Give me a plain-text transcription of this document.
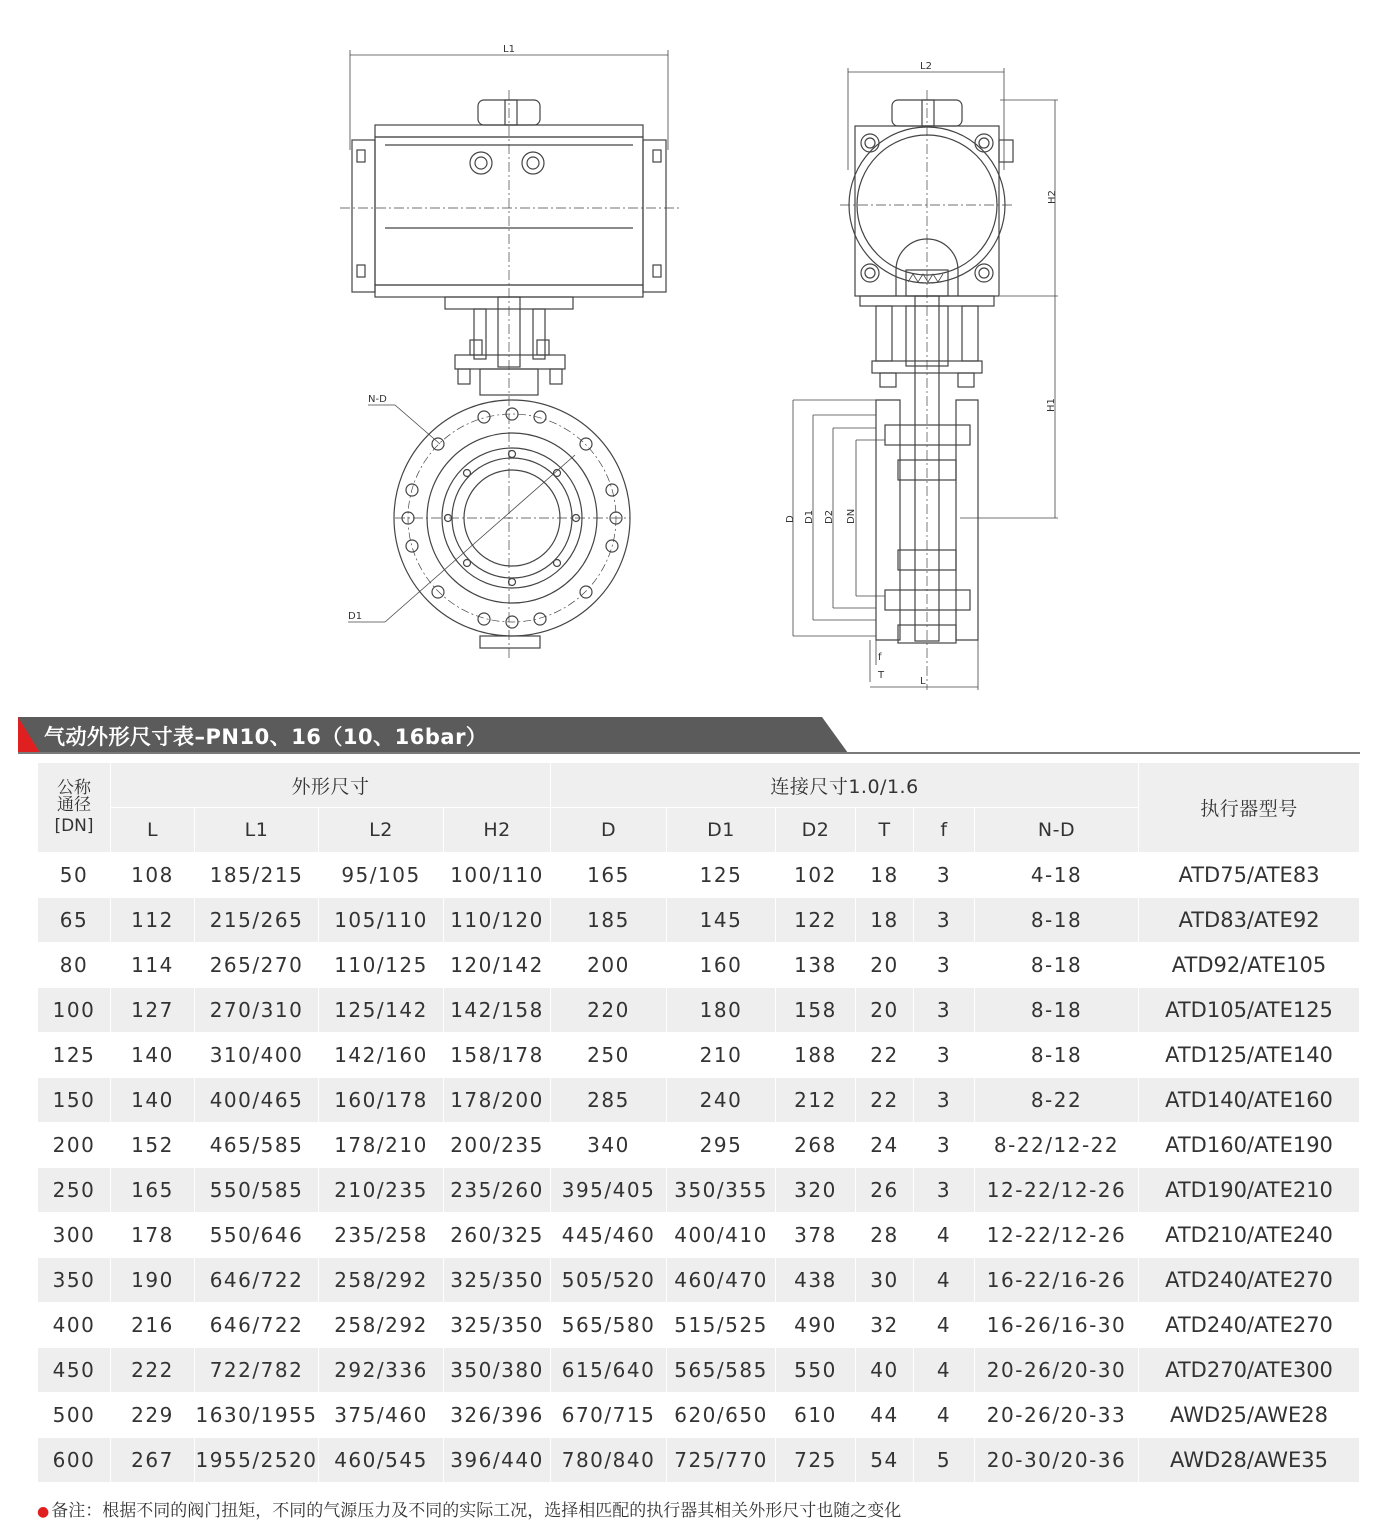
L1
N-D
D1
L2
H2
H1
D D1 D2 DN
f
T
L
气动外形尺寸表–PN10、16（10、16bar）
公称
通径
[DN]	外形尺寸				连接尺寸1.0/1.6						执行器型号
	L	L1	L2	H2	D	D1	D2	T	f	N-D	
50	108	185/215	95/105	100/110	165	125	102	18	3	4-18	ATD75/ATE83
65	112	215/265	105/110	110/120	185	145	122	18	3	8-18	ATD83/ATE92
80	114	265/270	110/125	120/142	200	160	138	20	3	8-18	ATD92/ATE105
100	127	270/310	125/142	142/158	220	180	158	20	3	8-18	ATD105/ATE125
125	140	310/400	142/160	158/178	250	210	188	22	3	8-18	ATD125/ATE140
150	140	400/465	160/178	178/200	285	240	212	22	3	8-22	ATD140/ATE160
200	152	465/585	178/210	200/235	340	295	268	24	3	8-22/12-22	ATD160/ATE190
250	165	550/585	210/235	235/260	395/405	350/355	320	26	3	12-22/12-26	ATD190/ATE210
300	178	550/646	235/258	260/325	445/460	400/410	378	28	4	12-22/12-26	ATD210/ATE240
350	190	646/722	258/292	325/350	505/520	460/470	438	30	4	16-22/16-26	ATD240/ATE270
400	216	646/722	258/292	325/350	565/580	515/525	490	32	4	16-26/16-30	ATD240/ATE270
450	222	722/782	292/336	350/380	615/640	565/585	550	40	4	20-26/20-30	ATD270/ATE300
500	229	1630/1955	375/460	326/396	670/715	620/650	610	44	4	20-26/20-33	AWD25/AWE28
600	267	1955/2520	460/545	396/440	780/840	725/770	725	54	5	20-30/20-36	AWD28/AWE35
● 备注：根据不同的阀门扭矩，不同的气源压力及不同的实际工况，选择相匹配的执行器其相关外形尺寸也随之变化
